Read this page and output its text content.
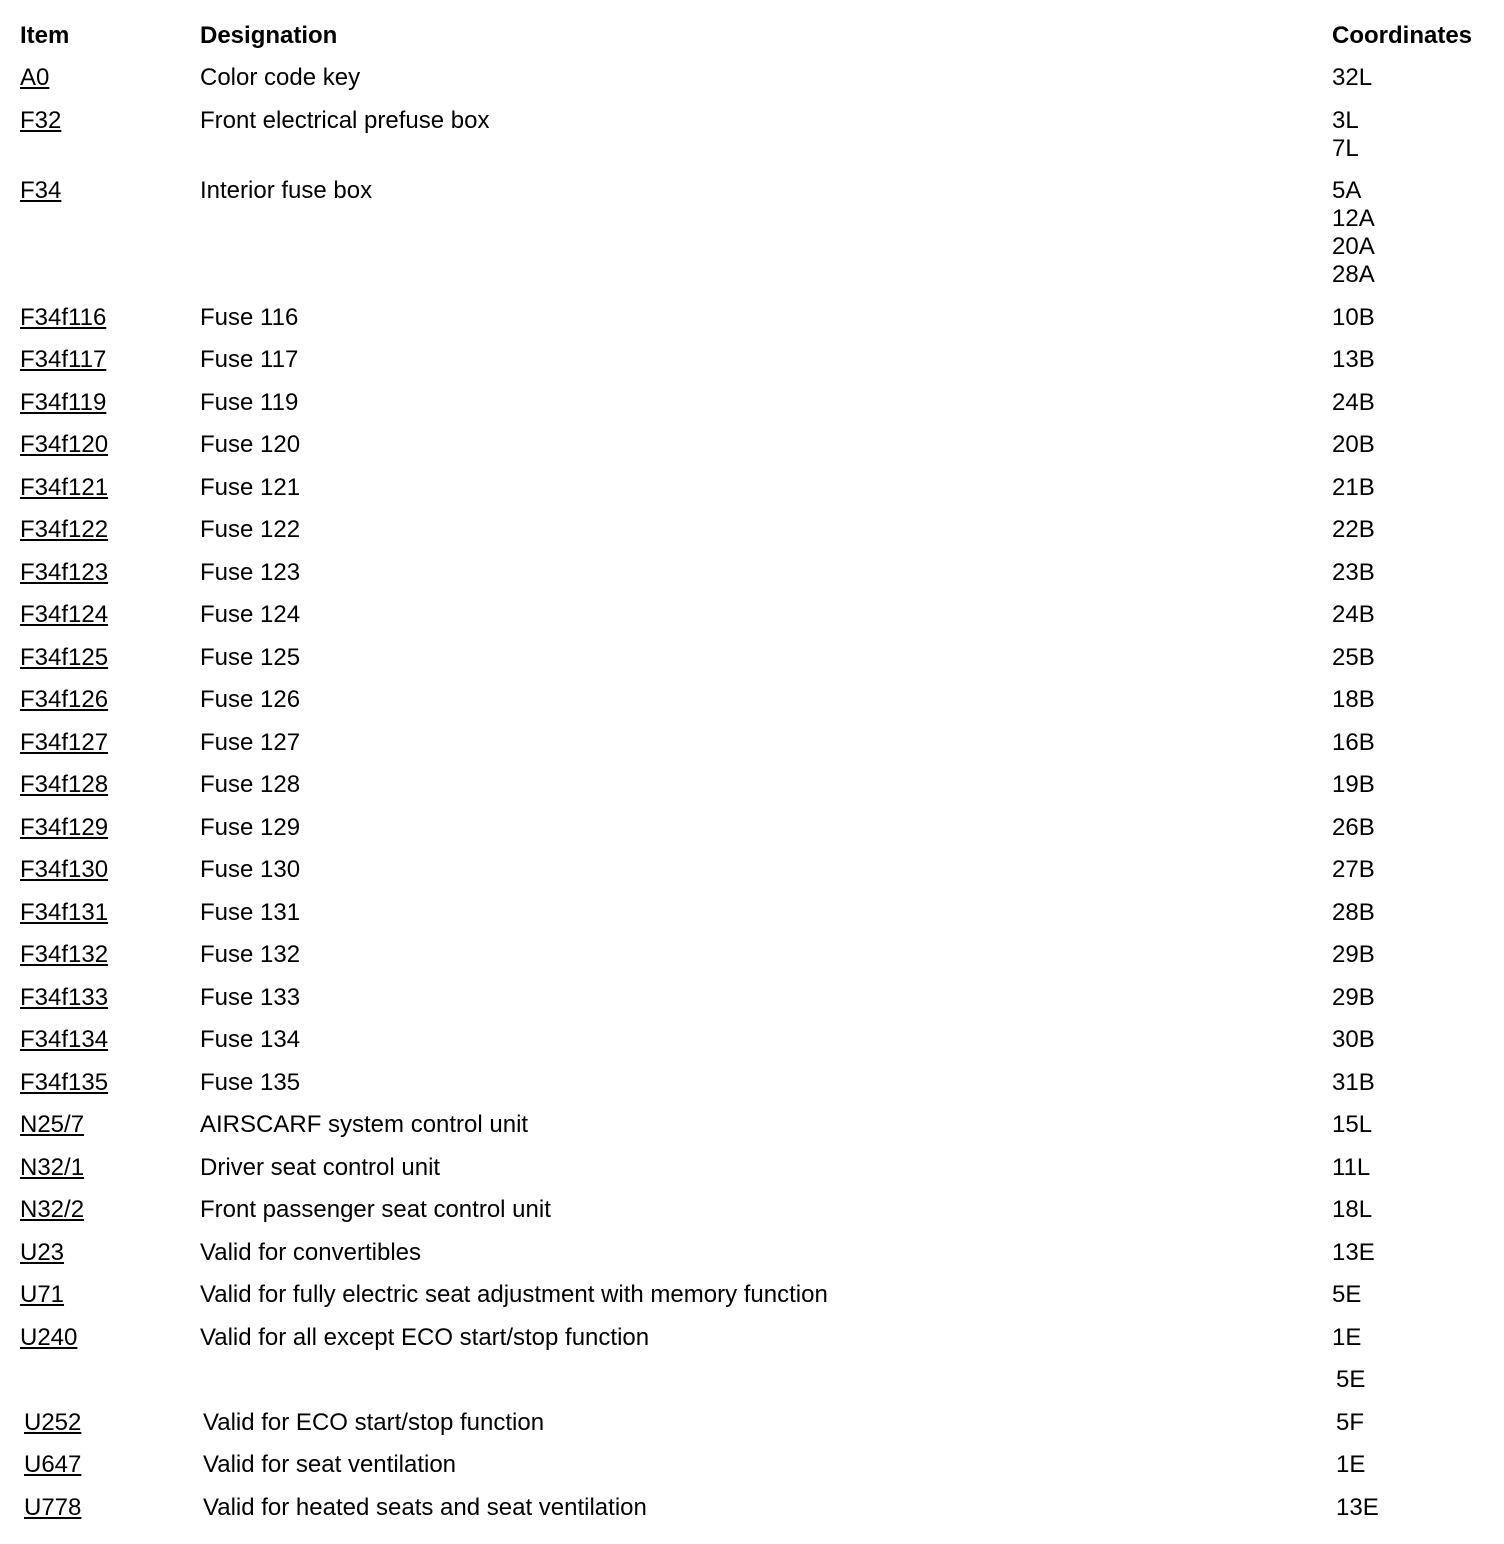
Item	Designation	Coordinates
A0	Color code key	32L
F32	Front electrical prefuse box	3L
7L
F34	Interior fuse box	5A
12A
20A
28A
F34f116	Fuse 116	10B
F34f117	Fuse 117	13B
F34f119	Fuse 119	24B
F34f120	Fuse 120	20B
F34f121	Fuse 121	21B
F34f122	Fuse 122	22B
F34f123	Fuse 123	23B
F34f124	Fuse 124	24B
F34f125	Fuse 125	25B
F34f126	Fuse 126	18B
F34f127	Fuse 127	16B
F34f128	Fuse 128	19B
F34f129	Fuse 129	26B
F34f130	Fuse 130	27B
F34f131	Fuse 131	28B
F34f132	Fuse 132	29B
F34f133	Fuse 133	29B
F34f134	Fuse 134	30B
F34f135	Fuse 135	31B
N25/7	AIRSCARF system control unit	15L
N32/1	Driver seat control unit	11L
N32/2	Front passenger seat control unit	18L
U23	Valid for convertibles	13E
U71	Valid for fully electric seat adjustment with memory function	5E
U240	Valid for all except ECO start/stop function	1E
5E
U252	Valid for ECO start/stop function	5F
U647	Valid for seat ventilation	1E
U778	Valid for heated seats and seat ventilation	13E
